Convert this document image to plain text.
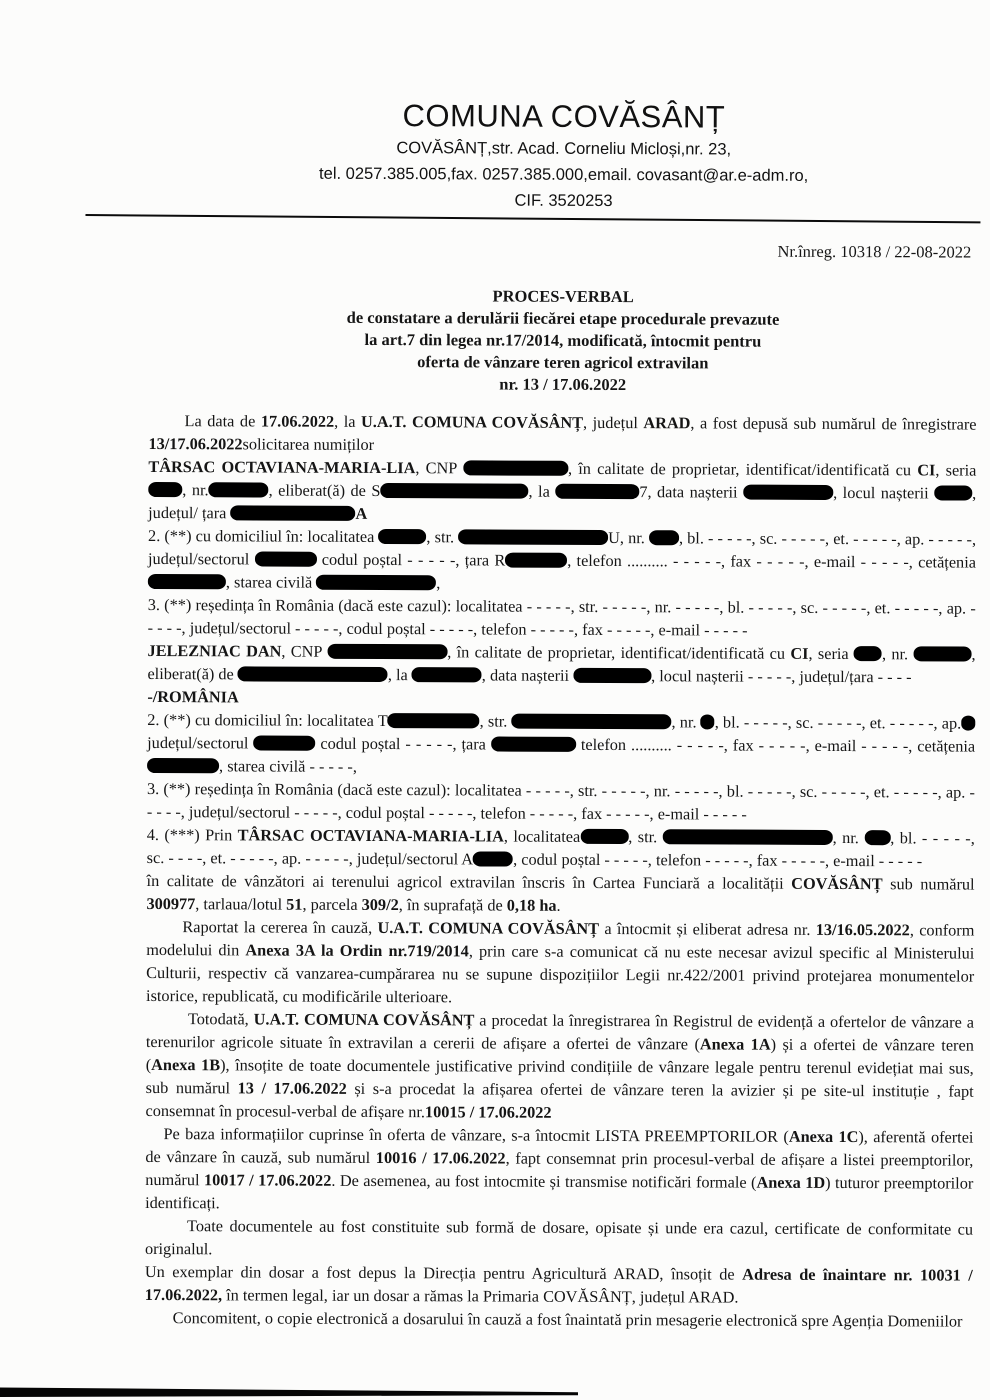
COMUNA COVĂSÂNȚ
COVĂSÂNȚ,str. Acad. Corneliu Micloși,nr. 23,
tel. 0257.385.005,fax. 0257.385.000,email. covasant@ar.e-adm.ro,
CIF. 3520253
Nr.înreg. 10318 / 22-08-2022
PROCES-VERBAL
de constatare a derulării fiecărei etape procedurale prevazute
la art.7 din legea nr.17/2014, modificată, întocmit pentru
oferta de vânzare teren agricol extravilan
nr. 13 / 17.06.2022

La data de 17.06.2022, la U.A.T. COMUNA COVĂSÂNȚ, județul ARAD, a fost depusă sub numărul de înregistrare 13/17.06.2022solicitarea numiților

TÂRSAC OCTAVIANA-MARIA-LIA, CNP	, în calitate de proprietar, identificat/identificată cu CI, seria , nr.	, eliberat(ă) de S	, la	7, data nașterii	, locul nașterii , județul/ țara	A

2. (**) cu domiciliul în: localitatea	, str.	U, nr. , bl. - - - - -, sc. - - - - -, et. - - - - -, ap. - - - - -, județul/sectorul	codul poștal - - - - -, țara R	, telefon .......... - - - - -, fax - - - - -, e-mail - - - - -, cetățenia , starea civilă	,

3. (**) reședința în România (dacă este cazul): localitatea - - - - -, str. - - - - -, nr. - - - - -, bl. - - - - -, sc. - - - - -, et. - - - - -, ap. - - - - -, județul/sectorul - - - - -, codul poștal - - - - -, telefon - - - - -, fax - - - - -, e-mail - - - - -

JELEZNIAC DAN, CNP	, în calitate de proprietar, identificat/identificată cu CI, seria , nr.	, eliberat(ă) de	, la	, data nașterii	, locul nașterii - - - - -, județul/țara - - - -

-/ROMÂNIA

2. (**) cu domiciliul în: localitatea T	, str.	, nr. , bl. - - - - -, sc. - - - - -, et. - - - - -, ap. județul/sectorul	codul poștal - - - - -, țara	telefon .......... - - - - -, fax - - - - -, e-mail - - - - -, cetățenia , starea civilă - - - - -,

3. (**) reședința în România (dacă este cazul): localitatea - - - - -, str. - - - - -, nr. - - - - -, bl. - - - - -, sc. - - - - -, et. - - - - -, ap. - - - - -, județul/sectorul - - - - -, codul poștal - - - - -, telefon - - - - -, fax - - - - -, e-mail - - - - -

4. (***) Prin TÂRSAC OCTAVIANA-MARIA-LIA, localitatea	, str.	, nr. , bl. - - - - -, sc. - - - -, et. - - - - -, ap. - - - - -, județul/sectorul A , codul poștal - - - - -, telefon - - - - -, fax - - - - -, e-mail - - - - -

în calitate de vânzători ai terenului agricol extravilan înscris în Cartea Funciară a localității COVĂSÂNȚ sub numărul 300977, tarlaua/lotul 51, parcela 309/2, în suprafață de 0,18 ha.

Raportat la cererea în cauză, U.A.T. COMUNA COVĂSÂNȚ a întocmit și eliberat adresa nr. 13/16.05.2022, conform modelului din Anexa 3A la Ordin nr.719/2014, prin care s-a comunicat că nu este necesar avizul specific al Ministerului Culturii, respectiv că vanzarea-cumpărarea nu se supune dispozițiilor Legii nr.422/2001 privind protejarea monumentelor istorice, republicată, cu modificările ulterioare.

Totodată, U.A.T. COMUNA COVĂSÂNȚ a procedat la înregistrarea în Registrul de evidență a ofertelor de vânzare a terenurilor agricole situate în extravilan a cererii de afișare a ofertei de vânzare (Anexa 1A) și a ofertei de vânzare teren (Anexa 1B), însoțite de toate documentele justificative privind condițiile de vânzare legale pentru terenul evidețiat mai sus, sub numărul 13 / 17.06.2022 și s-a procedat la afișarea ofertei de vânzare teren la avizier și pe site-ul instituție , fapt consemnat în procesul-verbal de afișare nr.10015 / 17.06.2022

Pe baza informațiilor cuprinse în oferta de vânzare, s-a întocmit LISTA PREEMPTORILOR (Anexa 1C), aferentă ofertei de vânzare în cauză, sub numărul 10016 / 17.06.2022, fapt consemnat prin procesul-verbal de afișare a listei preemptorilor, numărul 10017 / 17.06.2022. De asemenea, au fost intocmite și transmise notificări formale (Anexa 1D) tuturor preemptorilor identificați.

Toate documentele au fost constituite sub formă de dosare, opisate și unde era cazul, certificate de conformitate cu originalul.

Un exemplar din dosar a fost depus la Direcția pentru Agricultură ARAD, însoțit de Adresa de înaintare nr. 10031 / 17.06.2022, în termen legal, iar un dosar a rămas la Primaria COVĂSÂNȚ, județul ARAD.

Concomitent, o copie electronică a dosarului în cauză a fost înaintată prin mesagerie electronică spre Agenția Domeniilor
